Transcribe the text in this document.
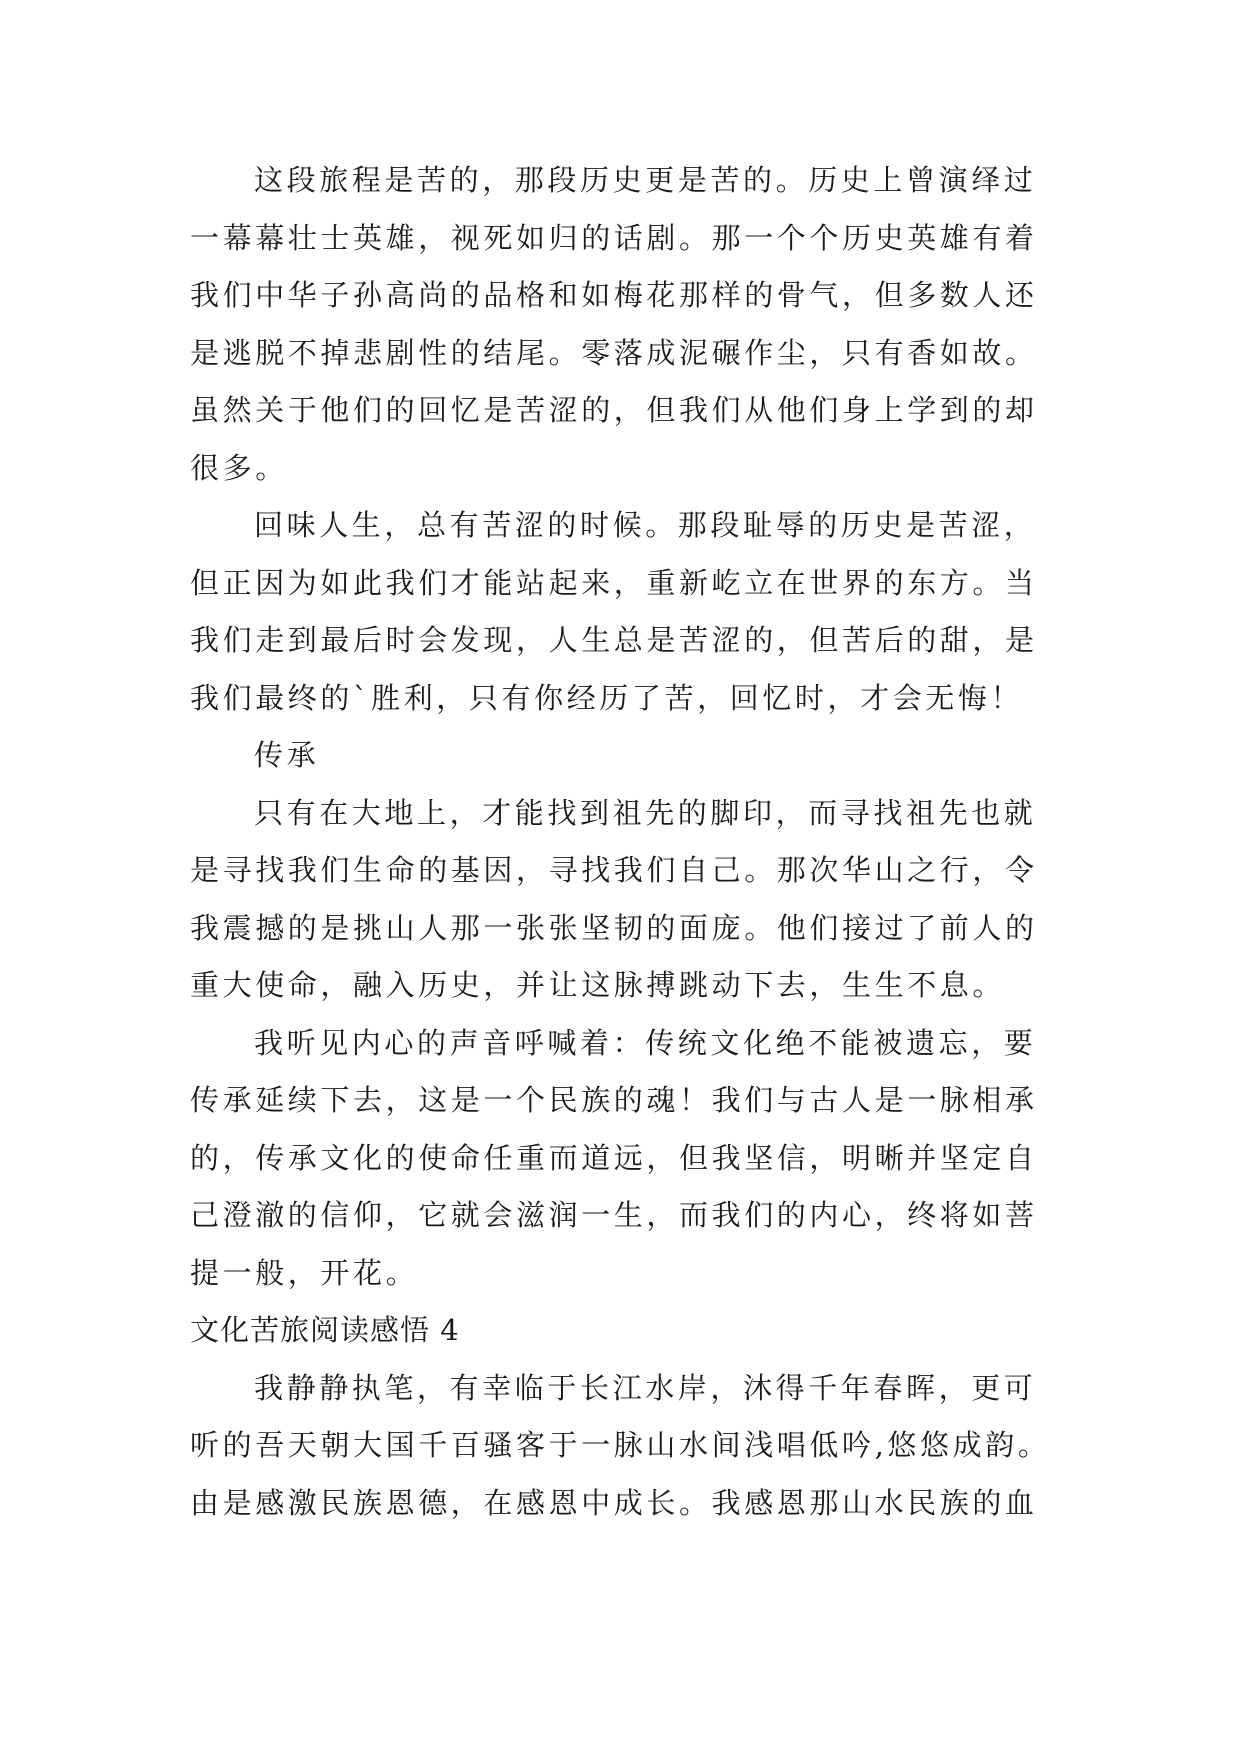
这段旅程是苦的，那段历史更是苦的。历史上曾演绎过
一幕幕壮士英雄，视死如归的话剧。那一个个历史英雄有着
我们中华子孙高尚的品格和如梅花那样的骨气，但多数人还
是逃脱不掉悲剧性的结尾。零落成泥碾作尘，只有香如故。
虽然关于他们的回忆是苦涩的，但我们从他们身上学到的却
很多。
回味人生，总有苦涩的时候。那段耻辱的历史是苦涩，
但正因为如此我们才能站起来，重新屹立在世界的东方。当
我们走到最后时会发现，人生总是苦涩的，但苦后的甜，是
我们最终的`胜利，只有你经历了苦，回忆时，才会无悔！
传承
只有在大地上，才能找到祖先的脚印，而寻找祖先也就
是寻找我们生命的基因，寻找我们自己。那次华山之行，令
我震撼的是挑山人那一张张坚韧的面庞。他们接过了前人的
重大使命，融入历史，并让这脉搏跳动下去，生生不息。
我听见内心的声音呼喊着：传统文化绝不能被遗忘，要
传承延续下去，这是一个民族的魂！我们与古人是一脉相承
的，传承文化的使命任重而道远，但我坚信，明晰并坚定自
己澄澈的信仰，它就会滋润一生，而我们的内心，终将如菩
提一般，开花。
文化苦旅阅读感悟 4
我静静执笔，有幸临于长江水岸，沐得千年春晖，更可
听的吾天朝大国千百骚客于一脉山水间浅唱低吟,悠悠成韵。
由是感激民族恩德，在感恩中成长。我感恩那山水民族的血
